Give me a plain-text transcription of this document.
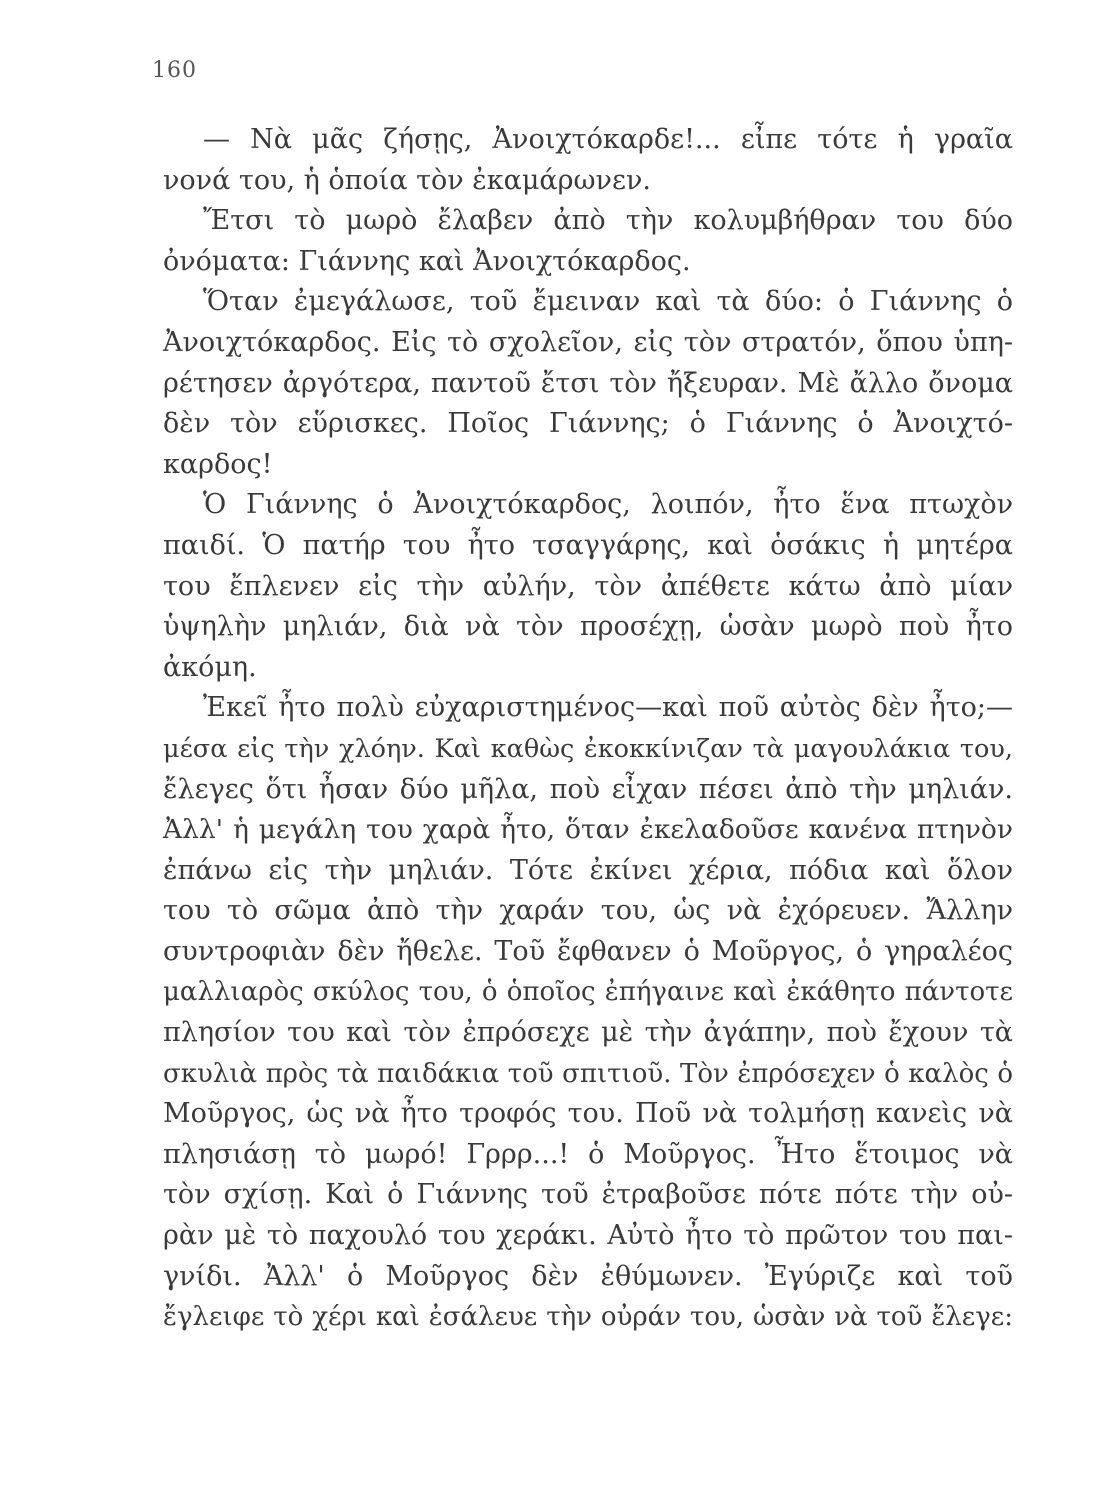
160
— Νὰ μᾶς ζήσῃς, Ἀνοιχτόκαρδε!... εἶπε τότε ἡ γραῖα
νονά του, ἡ ὁποία τὸν ἐκαμάρωνεν.
Ἔτσι τὸ μωρὸ ἔλαβεν ἀπὸ τὴν κολυμβήθραν του δύο
ὀνόματα: Γιάννης καὶ Ἀνοιχτόκαρδος.
Ὅταν ἐμεγάλωσε, τοῦ ἔμειναν καὶ τὰ δύο: ὁ Γιάννης ὁ
Ἀνοιχτόκαρδος. Εἰς τὸ σχολεῖον, εἰς τὸν στρατόν, ὅπου ὑπη-
ρέτησεν ἀργότερα, παντοῦ ἔτσι τὸν ἤξευραν. Μὲ ἄλλο ὄνομα
δὲν τὸν εὕρισκες. Ποῖος Γιάννης; ὁ Γιάννης ὁ Ἀνοιχτό-
καρδος!
Ὁ Γιάννης ὁ Ἀνοιχτόκαρδος, λοιπόν, ἦτο ἕνα πτωχὸν
παιδί. Ὁ πατήρ του ἦτο τσαγγάρης, καὶ ὁσάκις ἡ μητέρα
του ἔπλενεν εἰς τὴν αὐλήν, τὸν ἀπέθετε κάτω ἀπὸ μίαν
ὑψηλὴν μηλιάν, διὰ νὰ τὸν προσέχῃ, ὡσὰν μωρὸ ποὺ ἦτο
ἀκόμη.
Ἐκεῖ ἦτο πολὺ εὐχαριστημένος—καὶ ποῦ αὐτὸς δὲν ἦτο;—
μέσα εἰς τὴν χλόην. Καὶ καθὼς ἐκοκκίνιζαν τὰ μαγουλάκια του,
ἔλεγες ὅτι ἦσαν δύο μῆλα, ποὺ εἶχαν πέσει ἀπὸ τὴν μηλιάν.
Ἀλλ' ἡ μεγάλη του χαρὰ ἦτο, ὅταν ἐκελαδοῦσε κανένα πτηνὸν
ἐπάνω εἰς τὴν μηλιάν. Τότε ἐκίνει χέρια, πόδια καὶ ὅλον
του τὸ σῶμα ἀπὸ τὴν χαράν του, ὡς νὰ ἐχόρευεν. Ἄλλην
συντροφιὰν δὲν ἤθελε. Τοῦ ἔφθανεν ὁ Μοῦργος, ὁ γηραλέος
μαλλιαρὸς σκύλος του, ὁ ὁποῖος ἐπήγαινε καὶ ἐκάθητο πάντοτε
πλησίον του καὶ τὸν ἐπρόσεχε μὲ τὴν ἀγάπην, ποὺ ἔχουν τὰ
σκυλιὰ πρὸς τὰ παιδάκια τοῦ σπιτιοῦ. Τὸν ἐπρόσεχεν ὁ καλὸς ὁ
Μοῦργος, ὡς νὰ ἦτο τροφός του. Ποῦ νὰ τολμήσῃ κανεὶς νὰ
πλησιάσῃ τὸ μωρό! Γρρρ...! ὁ Μοῦργος. Ἦτο ἕτοιμος νὰ
τὸν σχίσῃ. Καὶ ὁ Γιάννης τοῦ ἐτραβοῦσε πότε πότε τὴν οὐ-
ρὰν μὲ τὸ παχουλό του χεράκι. Αὐτὸ ἦτο τὸ πρῶτον του παι-
γνίδι. Ἀλλ' ὁ Μοῦργος δὲν ἐθύμωνεν. Ἐγύριζε καὶ τοῦ
ἔγλειφε τὸ χέρι καὶ ἐσάλευε τὴν οὐράν του, ὡσὰν νὰ τοῦ ἔλεγε:
